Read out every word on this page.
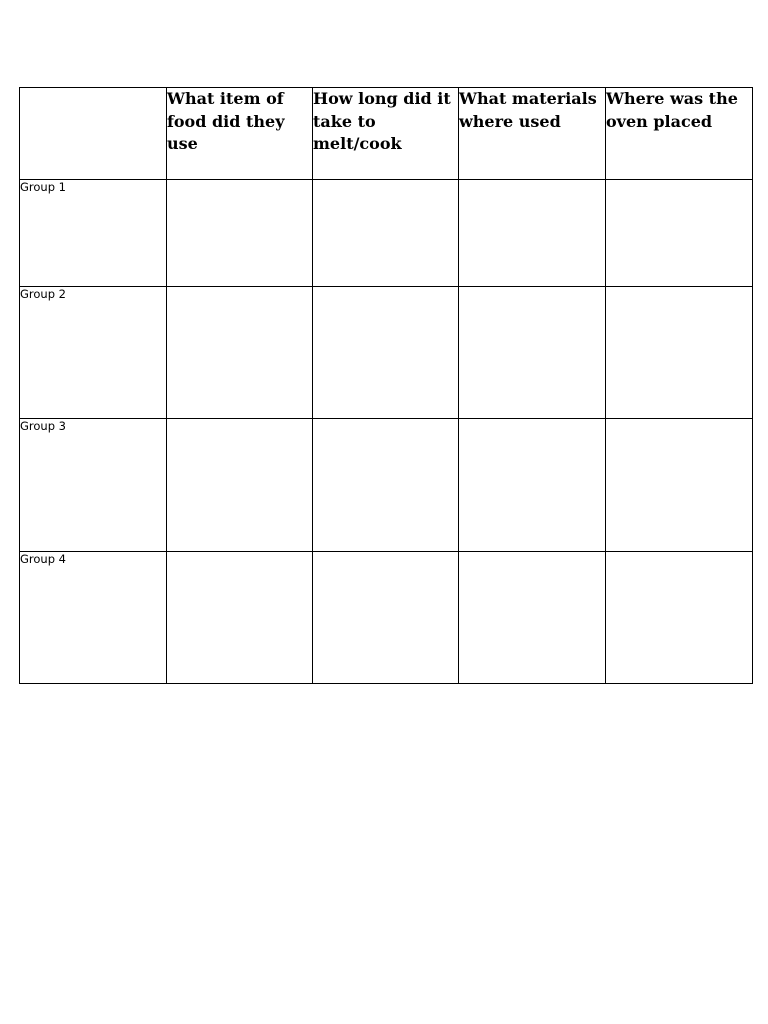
	What item of food did they use	How long did it take to melt/cook	What materials where used	Where was the oven placed
Group 1				
Group 2				
Group 3				
Group 4				
